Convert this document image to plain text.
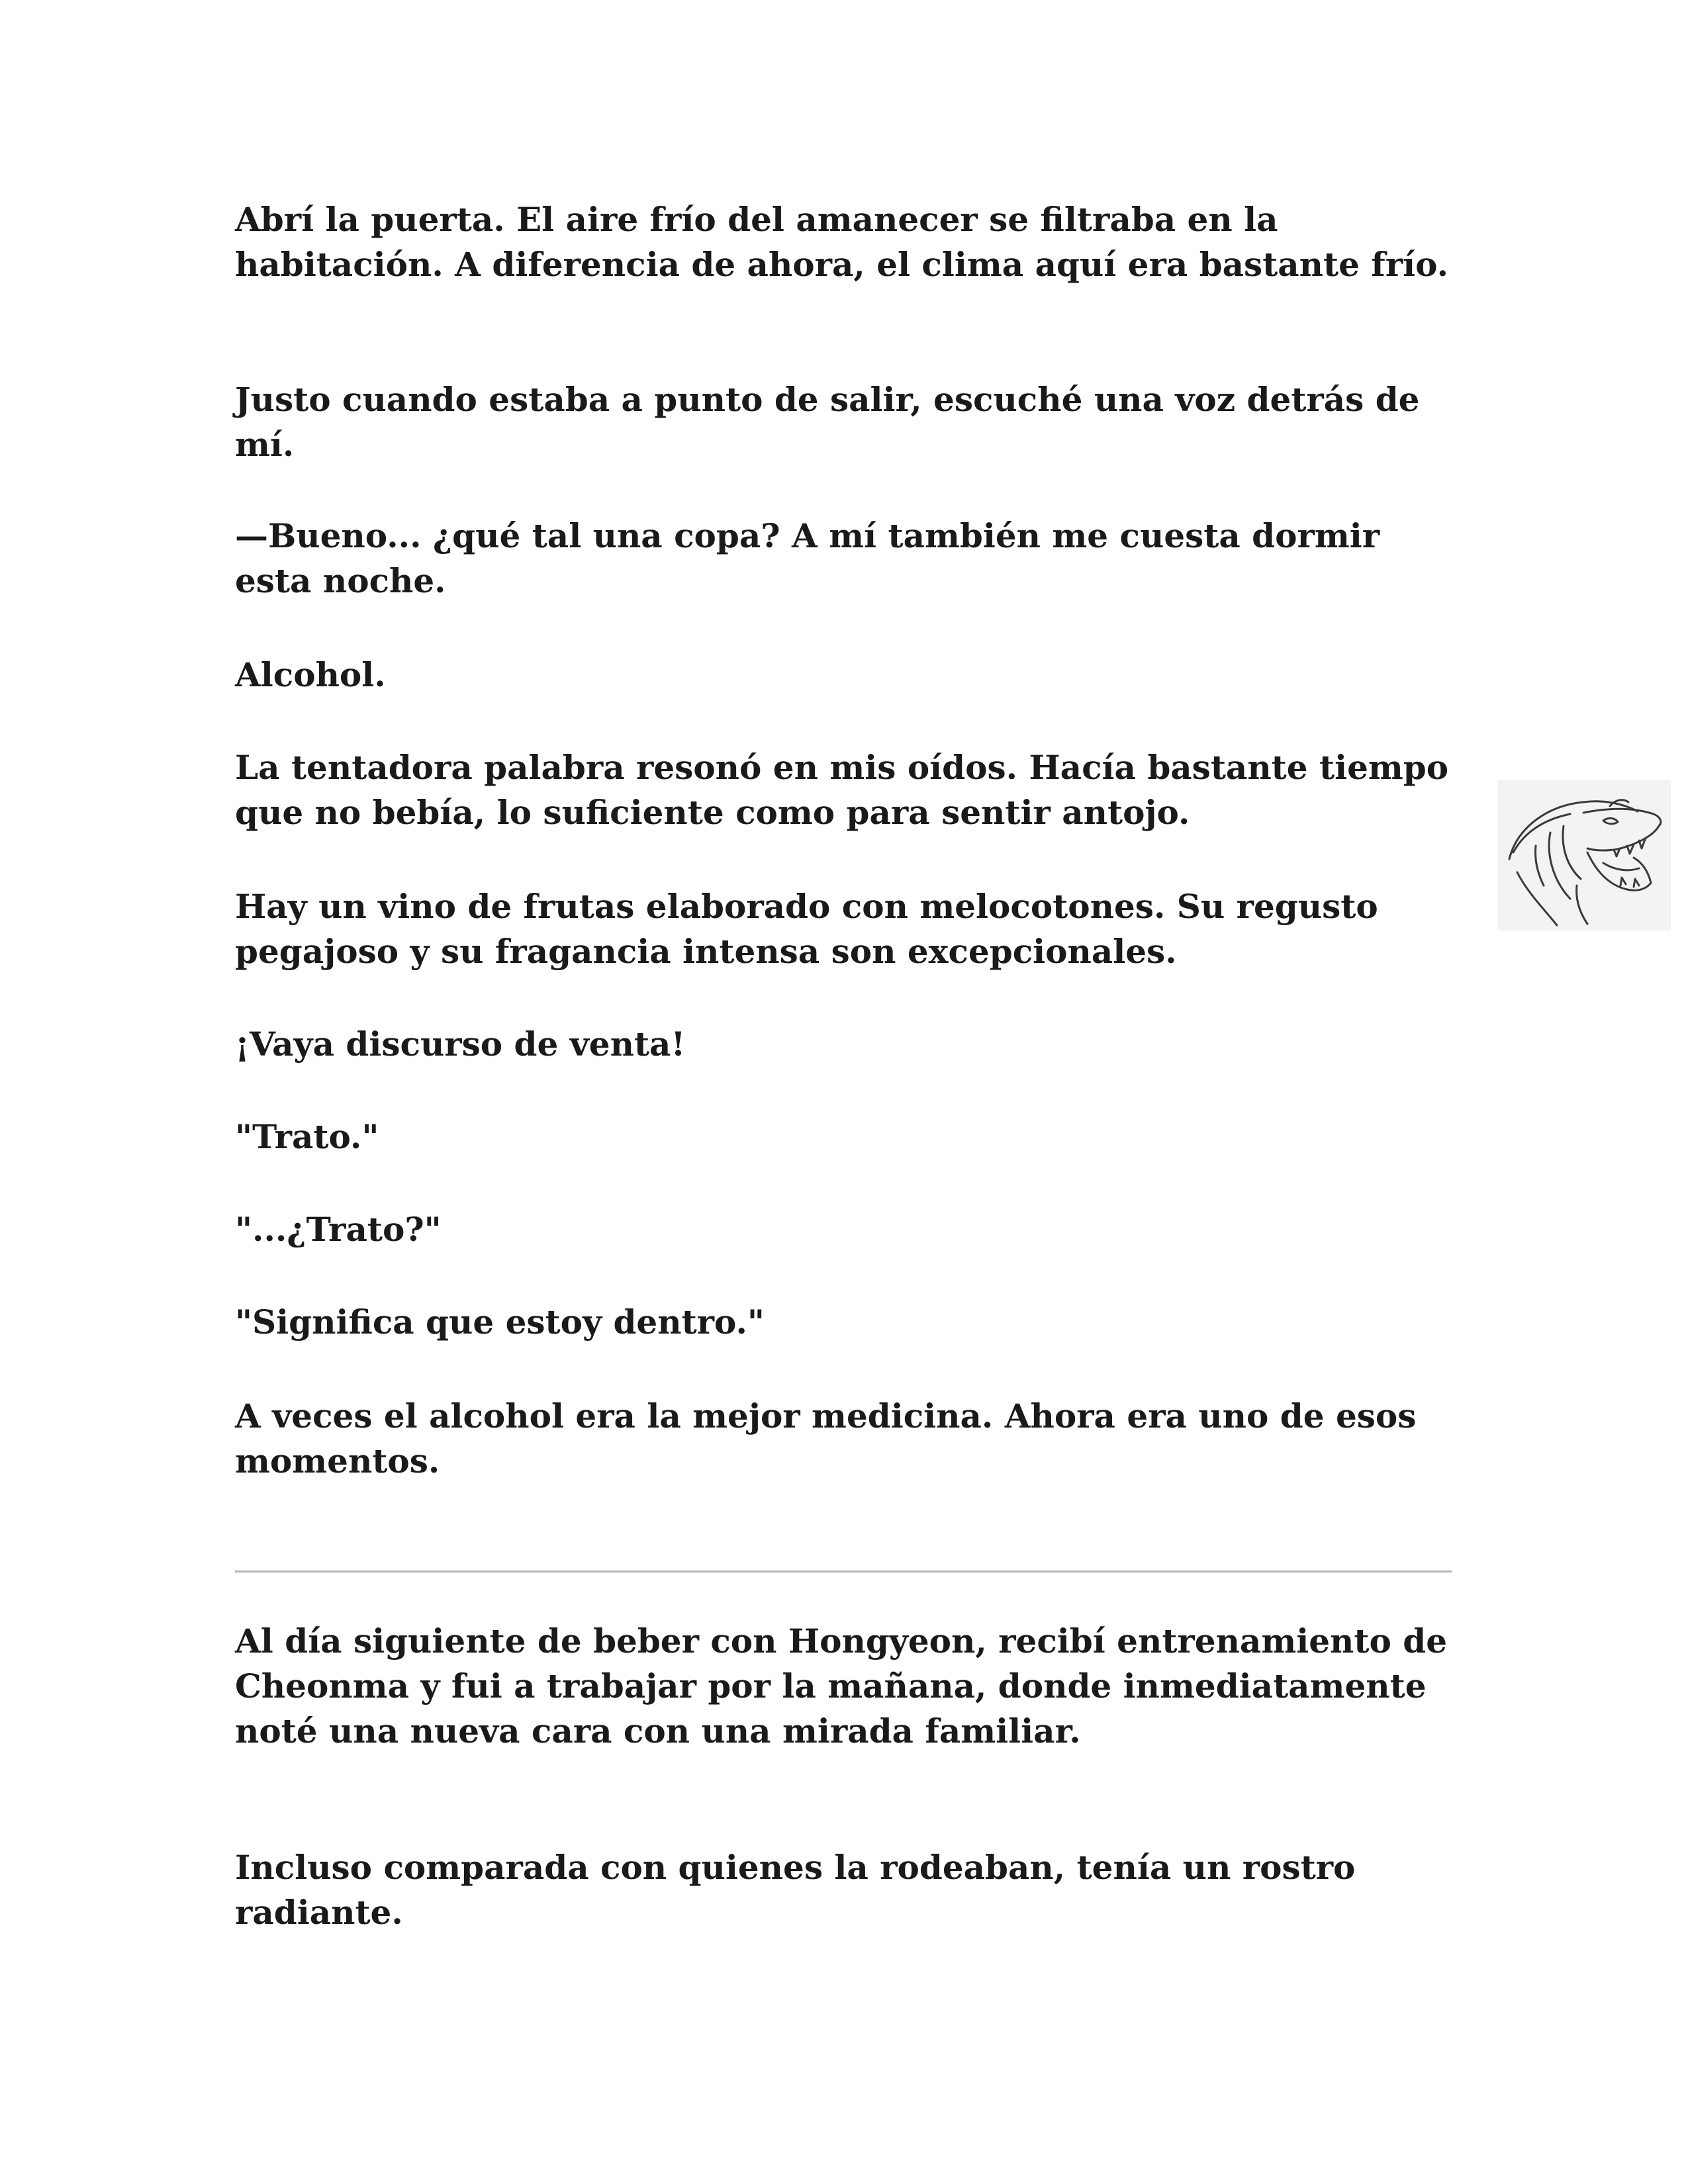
Abrí la puerta. El aire frío del amanecer se filtraba en la habitación. A diferencia de ahora, el clima aquí era bastante frío.

Justo cuando estaba a punto de salir, escuché una voz detrás de mí.

—Bueno... ¿qué tal una copa? A mí también me cuesta dormir esta noche.

Alcohol.

La tentadora palabra resonó en mis oídos. Hacía bastante tiempo que no bebía, lo suficiente como para sentir antojo.

Hay un vino de frutas elaborado con melocotones. Su regusto pegajoso y su fragancia intensa son excepcionales.

¡Vaya discurso de venta!

"Trato."

"...¿Trato?"

"Significa que estoy dentro."

A veces el alcohol era la mejor medicina. Ahora era uno de esos momentos.

Al día siguiente de beber con Hongyeon, recibí entrenamiento de Cheonma y fui a trabajar por la mañana, donde inmediatamente noté una nueva cara con una mirada familiar.

Incluso comparada con quienes la rodeaban, tenía un rostro radiante.
